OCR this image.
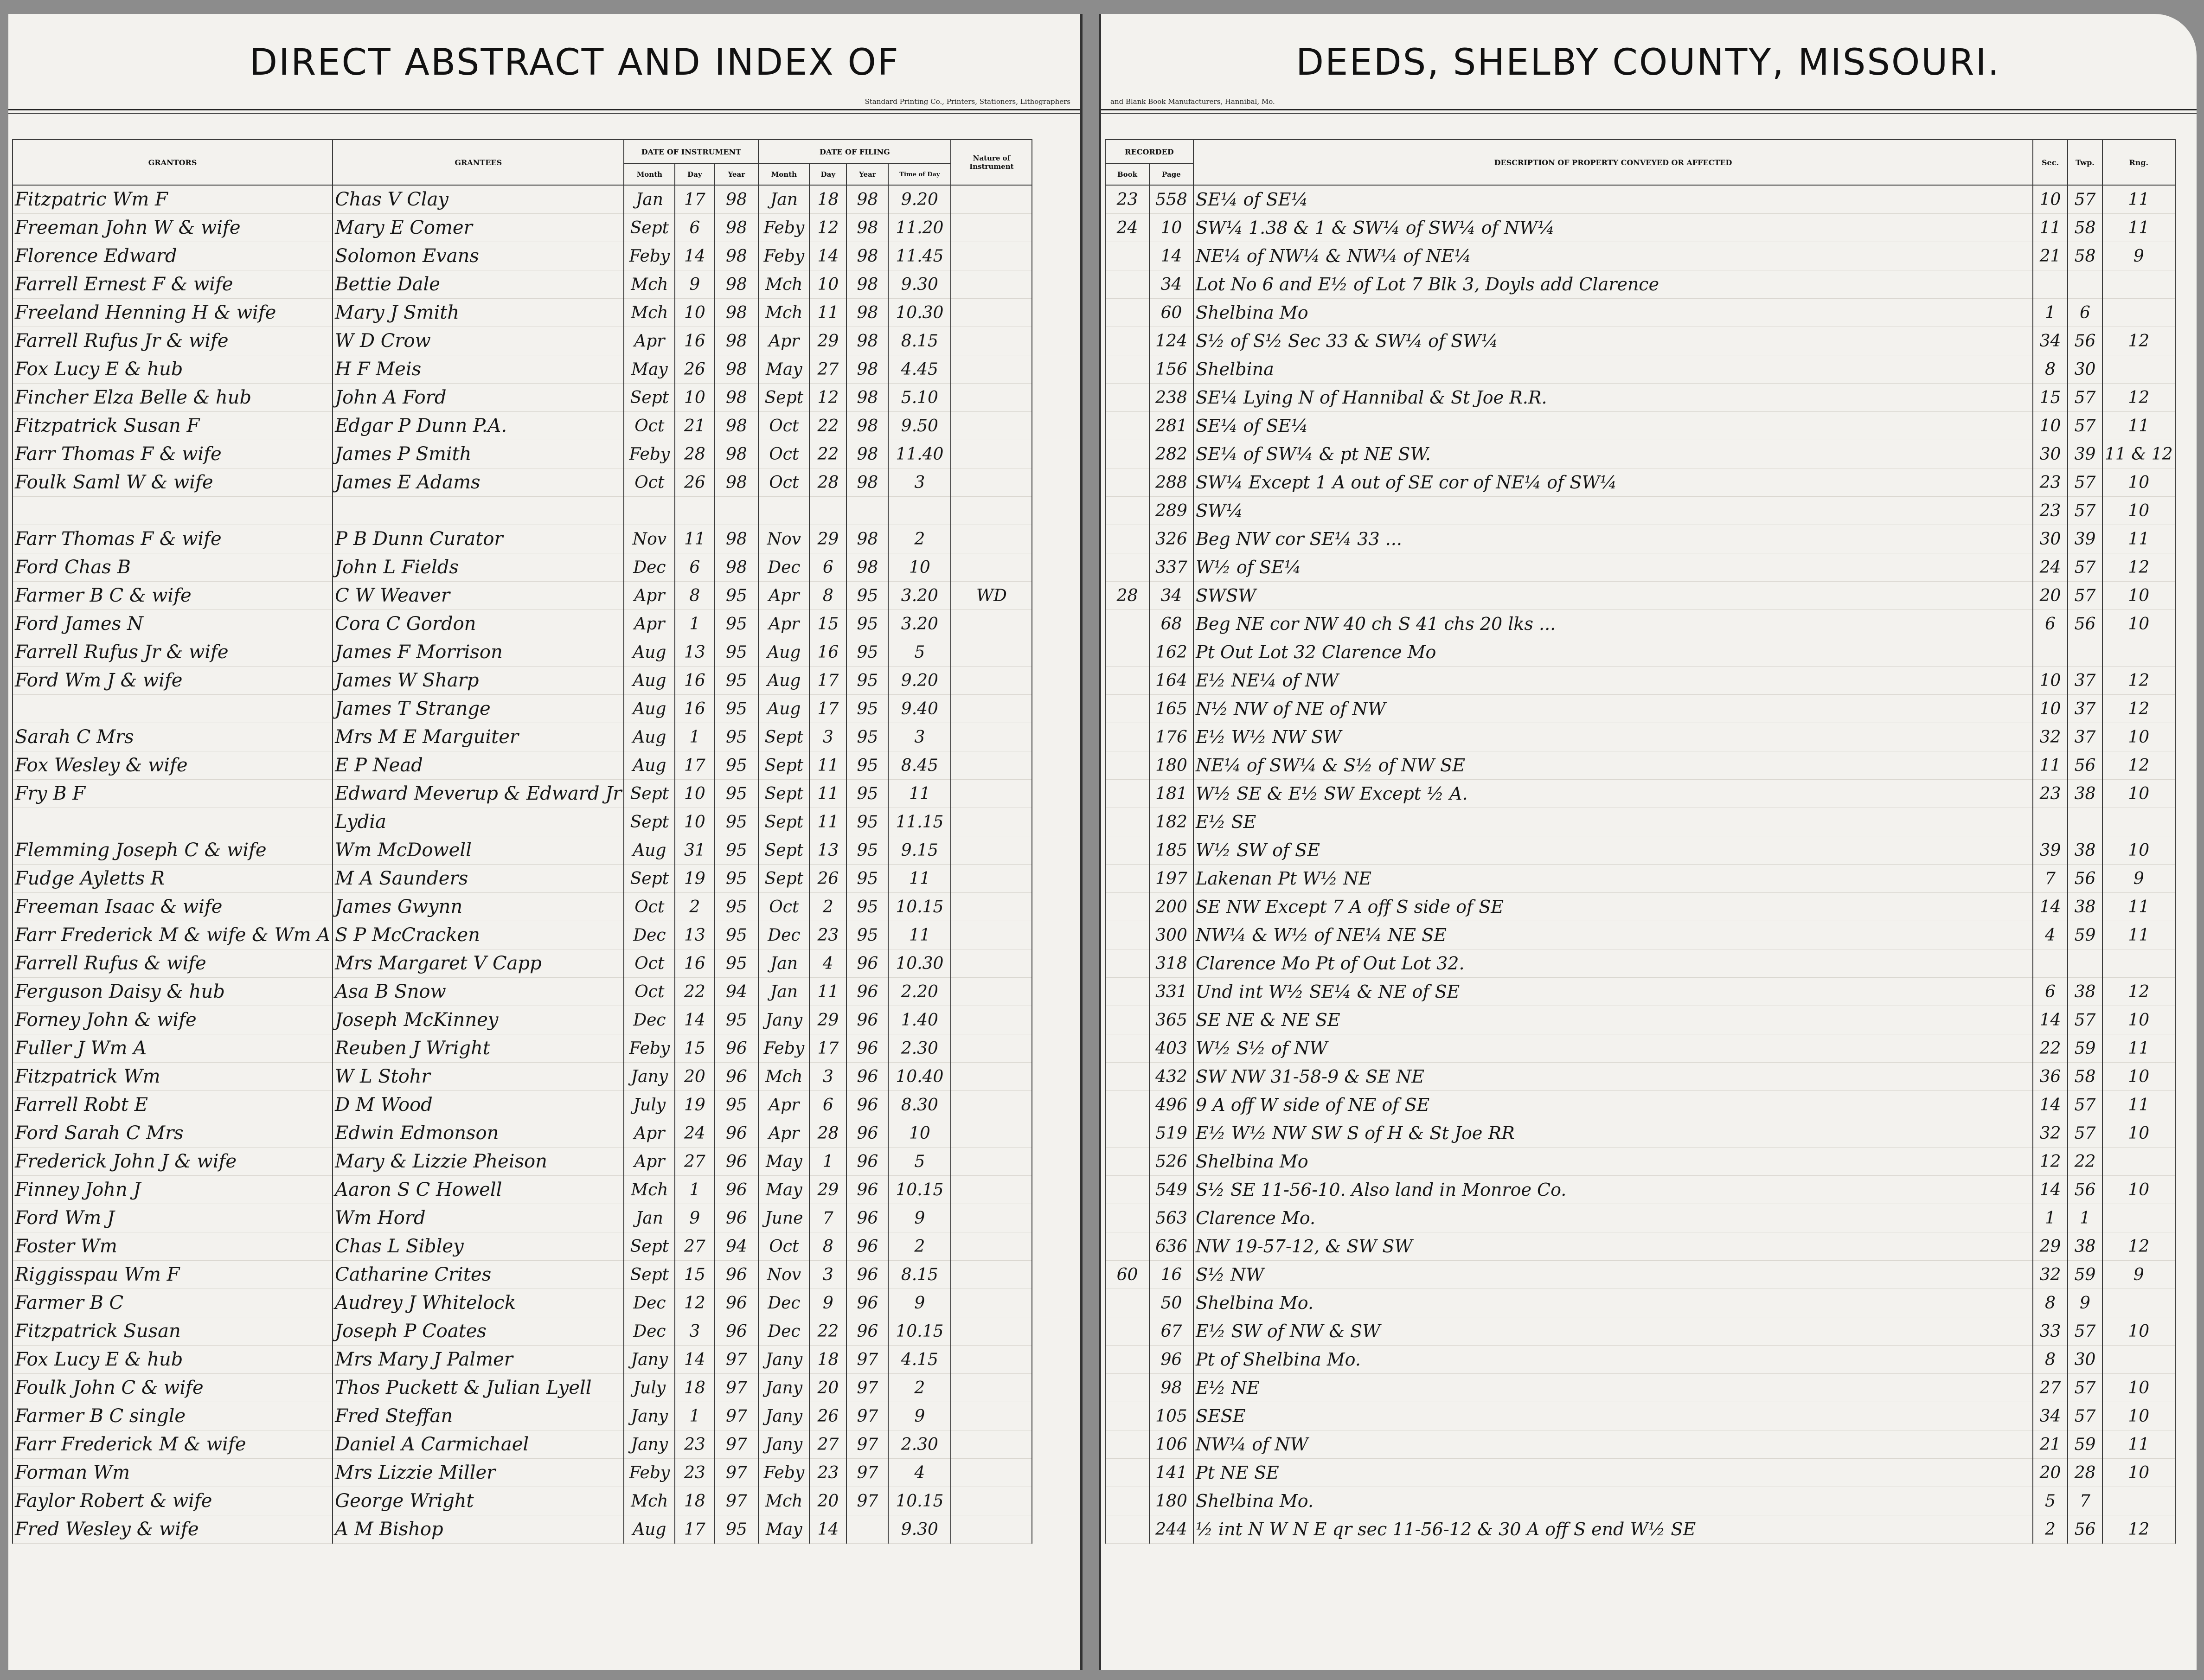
DIRECT ABSTRACT AND INDEX OF
Standard Printing Co., Printers, Stationers, Lithographers
GRANTORS	GRANTEES	DATE OF INSTRUMENT			DATE OF FILING				Nature of Instrument
		Month	Day	Year	Month	Day	Year	Time of Day	
Fitzpatric Wm F	Chas V Clay	Jan	17	98	Jan	18	98	9.20	
Freeman John W & wife	Mary E Comer	Sept	6	98	Feby	12	98	11.20	
Florence Edward	Solomon Evans	Feby	14	98	Feby	14	98	11.45	
Farrell Ernest F & wife	Bettie Dale	Mch	9	98	Mch	10	98	9.30	
Freeland Henning H & wife	Mary J Smith	Mch	10	98	Mch	11	98	10.30	
Farrell Rufus Jr & wife	W D Crow	Apr	16	98	Apr	29	98	8.15	
Fox Lucy E & hub	H F Meis	May	26	98	May	27	98	4.45	
Fincher Elza Belle & hub	John A Ford	Sept	10	98	Sept	12	98	5.10	
Fitzpatrick Susan F	Edgar P Dunn P.A.	Oct	21	98	Oct	22	98	9.50	
Farr Thomas F & wife	James P Smith	Feby	28	98	Oct	22	98	11.40	
Foulk Saml W & wife	James E Adams	Oct	26	98	Oct	28	98	3	

Farr Thomas F & wife	P B Dunn Curator	Nov	11	98	Nov	29	98	2	
Ford Chas B	John L Fields	Dec	6	98	Dec	6	98	10	
Farmer B C & wife	C W Weaver	Apr	8	95	Apr	8	95	3.20	WD
Ford James N	Cora C Gordon	Apr	1	95	Apr	15	95	3.20	
Farrell Rufus Jr & wife	James F Morrison	Aug	13	95	Aug	16	95	5	
Ford Wm J & wife	James W Sharp	Aug	16	95	Aug	17	95	9.20	
	James T Strange	Aug	16	95	Aug	17	95	9.40	
Sarah C Mrs	Mrs M E Marguiter	Aug	1	95	Sept	3	95	3	
Fox Wesley & wife	E P Nead	Aug	17	95	Sept	11	95	8.45	
Fry B F	Edward Meverup & Edward Jr	Sept	10	95	Sept	11	95	11	
	Lydia	Sept	10	95	Sept	11	95	11.15	
Flemming Joseph C & wife	Wm McDowell	Aug	31	95	Sept	13	95	9.15	
Fudge Ayletts R	M A Saunders	Sept	19	95	Sept	26	95	11	
Freeman Isaac & wife	James Gwynn	Oct	2	95	Oct	2	95	10.15	
Farr Frederick M & wife & Wm A	S P McCracken	Dec	13	95	Dec	23	95	11	
Farrell Rufus & wife	Mrs Margaret V Capp	Oct	16	95	Jan	4	96	10.30	
Ferguson Daisy & hub	Asa B Snow	Oct	22	94	Jan	11	96	2.20	
Forney John & wife	Joseph McKinney	Dec	14	95	Jany	29	96	1.40	
Fuller J Wm A	Reuben J Wright	Feby	15	96	Feby	17	96	2.30	
Fitzpatrick Wm	W L Stohr	Jany	20	96	Mch	3	96	10.40	
Farrell Robt E	D M Wood	July	19	95	Apr	6	96	8.30	
Ford Sarah C Mrs	Edwin Edmonson	Apr	24	96	Apr	28	96	10	
Frederick John J & wife	Mary & Lizzie Pheison	Apr	27	96	May	1	96	5	
Finney John J	Aaron S C Howell	Mch	1	96	May	29	96	10.15	
Ford Wm J	Wm Hord	Jan	9	96	June	7	96	9	
Foster Wm	Chas L Sibley	Sept	27	94	Oct	8	96	2	
Riggisspau Wm F	Catharine Crites	Sept	15	96	Nov	3	96	8.15	
Farmer B C	Audrey J Whitelock	Dec	12	96	Dec	9	96	9	
Fitzpatrick Susan	Joseph P Coates	Dec	3	96	Dec	22	96	10.15	
Fox Lucy E & hub	Mrs Mary J Palmer	Jany	14	97	Jany	18	97	4.15	
Foulk John C & wife	Thos Puckett & Julian Lyell	July	18	97	Jany	20	97	2	
Farmer B C single	Fred Steffan	Jany	1	97	Jany	26	97	9	
Farr Frederick M & wife	Daniel A Carmichael	Jany	23	97	Jany	27	97	2.30	
Forman Wm	Mrs Lizzie Miller	Feby	23	97	Feby	23	97	4	
Faylor Robert & wife	George Wright	Mch	18	97	Mch	20	97	10.15	
Fred Wesley & wife	A M Bishop	Aug	17	95	May	14		9.30	
DEEDS, SHELBY COUNTY, MISSOURI.
and Blank Book Manufacturers, Hannibal, Mo.
RECORDED		DESCRIPTION OF PROPERTY CONVEYED OR AFFECTED	Sec.	Twp.	Rng.
Book	Page				
23	558	SE¼ of SE¼	10	57	11
24	10	SW¼ 1.38 & 1 & SW¼ of SW¼ of NW¼	11	58	11
	14	NE¼ of NW¼ & NW¼ of NE¼	21	58	9
	34	Lot No 6 and E½ of Lot 7 Blk 3, Doyls add Clarence			
	60	Shelbina Mo	1	6	
	124	S½ of S½ Sec 33 & SW¼ of SW¼	34	56	12
	156	Shelbina	8	30	
	238	SE¼ Lying N of Hannibal & St Joe R.R.	15	57	12
	281	SE¼ of SE¼	10	57	11
	282	SE¼ of SW¼ & pt NE SW.	30	39	11 & 12
	288	SW¼ Except 1 A out of SE cor of NE¼ of SW¼	23	57	10
	289	SW¼	23	57	10
	326	Beg NW cor SE¼ 33 ...	30	39	11
	337	W½ of SE¼	24	57	12
28	34	SWSW	20	57	10
	68	Beg NE cor NW 40 ch S 41 chs 20 lks ...	6	56	10
	162	Pt Out Lot 32 Clarence Mo			
	164	E½ NE¼ of NW	10	37	12
	165	N½ NW of NE of NW	10	37	12
	176	E½ W½ NW SW	32	37	10
	180	NE¼ of SW¼ & S½ of NW SE	11	56	12
	181	W½ SE & E½ SW Except ½ A.	23	38	10
	182	E½ SE			
	185	W½ SW of SE	39	38	10
	197	Lakenan Pt W½ NE	7	56	9
	200	SE NW Except 7 A off S side of SE	14	38	11
	300	NW¼ & W½ of NE¼ NE SE	4	59	11
	318	Clarence Mo Pt of Out Lot 32.			
	331	Und int W½ SE¼ & NE of SE	6	38	12
	365	SE NE & NE SE	14	57	10
	403	W½ S½ of NW	22	59	11
	432	SW NW 31-58-9 & SE NE	36	58	10
	496	9 A off W side of NE of SE	14	57	11
	519	E½ W½ NW SW S of H & St Joe RR	32	57	10
	526	Shelbina Mo	12	22	
	549	S½ SE 11-56-10. Also land in Monroe Co.	14	56	10
	563	Clarence Mo.	1	1	
	636	NW 19-57-12, & SW SW	29	38	12
60	16	S½ NW	32	59	9
	50	Shelbina Mo.	8	9	
	67	E½ SW of NW & SW	33	57	10
	96	Pt of Shelbina Mo.	8	30	
	98	E½ NE	27	57	10
	105	SESE	34	57	10
	106	NW¼ of NW	21	59	11
	141	Pt NE SE	20	28	10
	180	Shelbina Mo.	5	7	
	244	½ int N W N E qr sec 11-56-12 & 30 A off S end W½ SE	2	56	12
